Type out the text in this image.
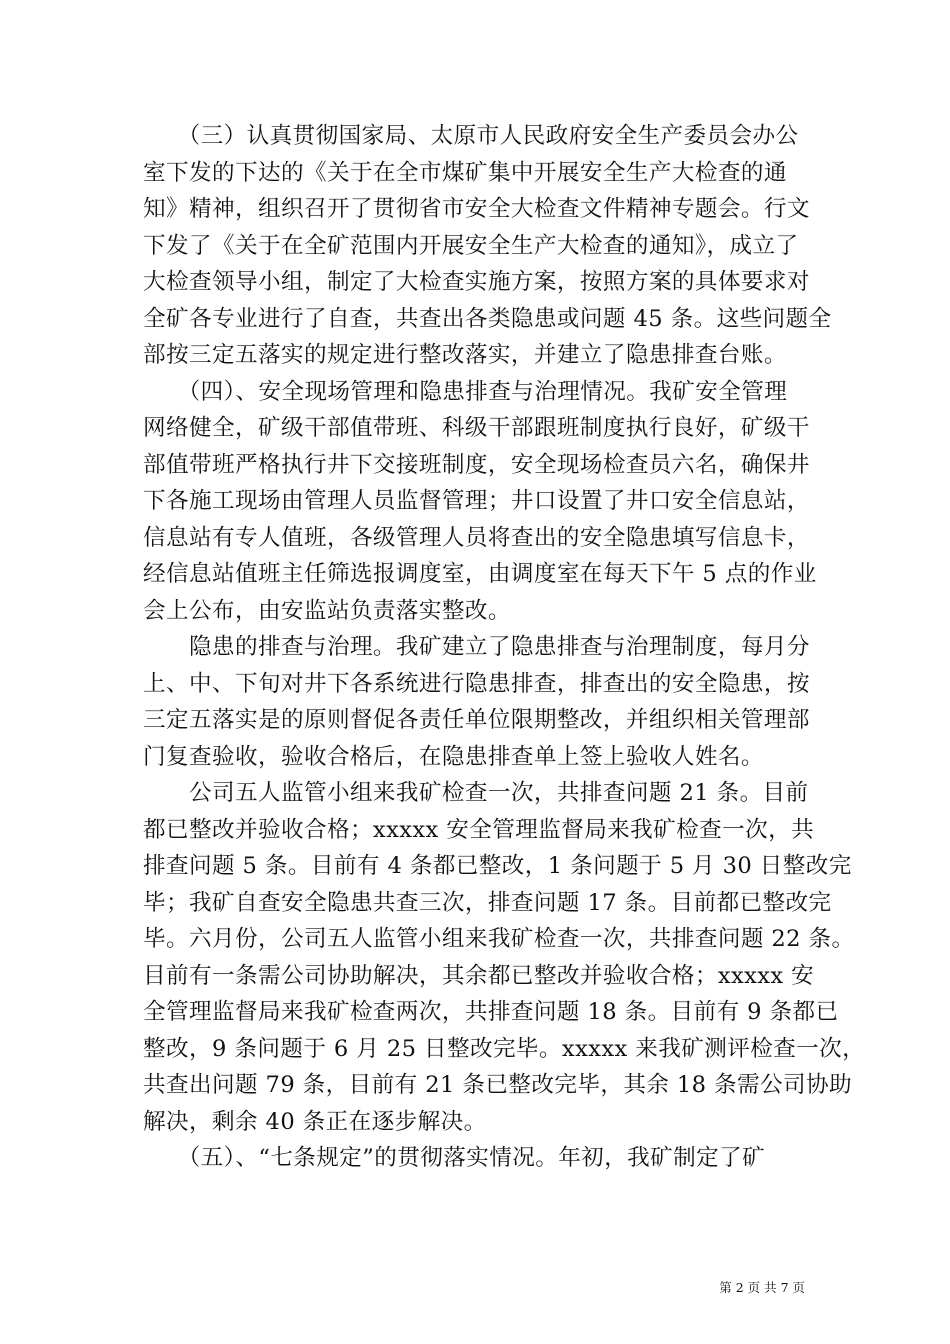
　　（三）认真贯彻国家局、太原市人民政府安全生产委员会办公
室下发的下达的《关于在全市煤矿集中开展安全生产大检查的通
知》精神，组织召开了贯彻省市安全大检查文件精神专题会。行文
下发了《关于在全矿范围内开展安全生产大检查的通知》，成立了
大检查领导小组，制定了大检查实施方案，按照方案的具体要求对
全矿各专业进行了自查，共查出各类隐患或问题 45 条。这些问题全
部按三定五落实的规定进行整改落实，并建立了隐患排查台账。
　　（四）、安全现场管理和隐患排查与治理情况。我矿安全管理
网络健全，矿级干部值带班、科级干部跟班制度执行良好，矿级干
部值带班严格执行井下交接班制度，安全现场检查员六名，确保井
下各施工现场由管理人员监督管理；井口设置了井口安全信息站，
信息站有专人值班，各级管理人员将查出的安全隐患填写信息卡，
经信息站值班主任筛选报调度室，由调度室在每天下午 5 点的作业
会上公布，由安监站负责落实整改。
　　隐患的排查与治理。我矿建立了隐患排查与治理制度，每月分
上、中、下旬对井下各系统进行隐患排查，排查出的安全隐患，按
三定五落实是的原则督促各责任单位限期整改，并组织相关管理部
门复查验收，验收合格后，在隐患排查单上签上验收人姓名。
　　公司五人监管小组来我矿检查一次，共排查问题 21 条。目前
都已整改并验收合格；xxxxx 安全管理监督局来我矿检查一次，共
排查问题 5 条。目前有 4 条都已整改，1 条问题于 5 月 30 日整改完
毕；我矿自查安全隐患共查三次，排查问题 17 条。目前都已整改完
毕。六月份，公司五人监管小组来我矿检查一次，共排查问题 22 条。
目前有一条需公司协助解决，其余都已整改并验收合格；xxxxx 安
全管理监督局来我矿检查两次，共排查问题 18 条。目前有 9 条都已
整改，9 条问题于 6 月 25 日整改完毕。xxxxx 来我矿测评检查一次，
共查出问题 79 条，目前有 21 条已整改完毕，其余 18 条需公司协助
解决，剩余 40 条正在逐步解决。
　　（五）、“七条规定”的贯彻落实情况。年初，我矿制定了矿
第 2 页 共 7 页
